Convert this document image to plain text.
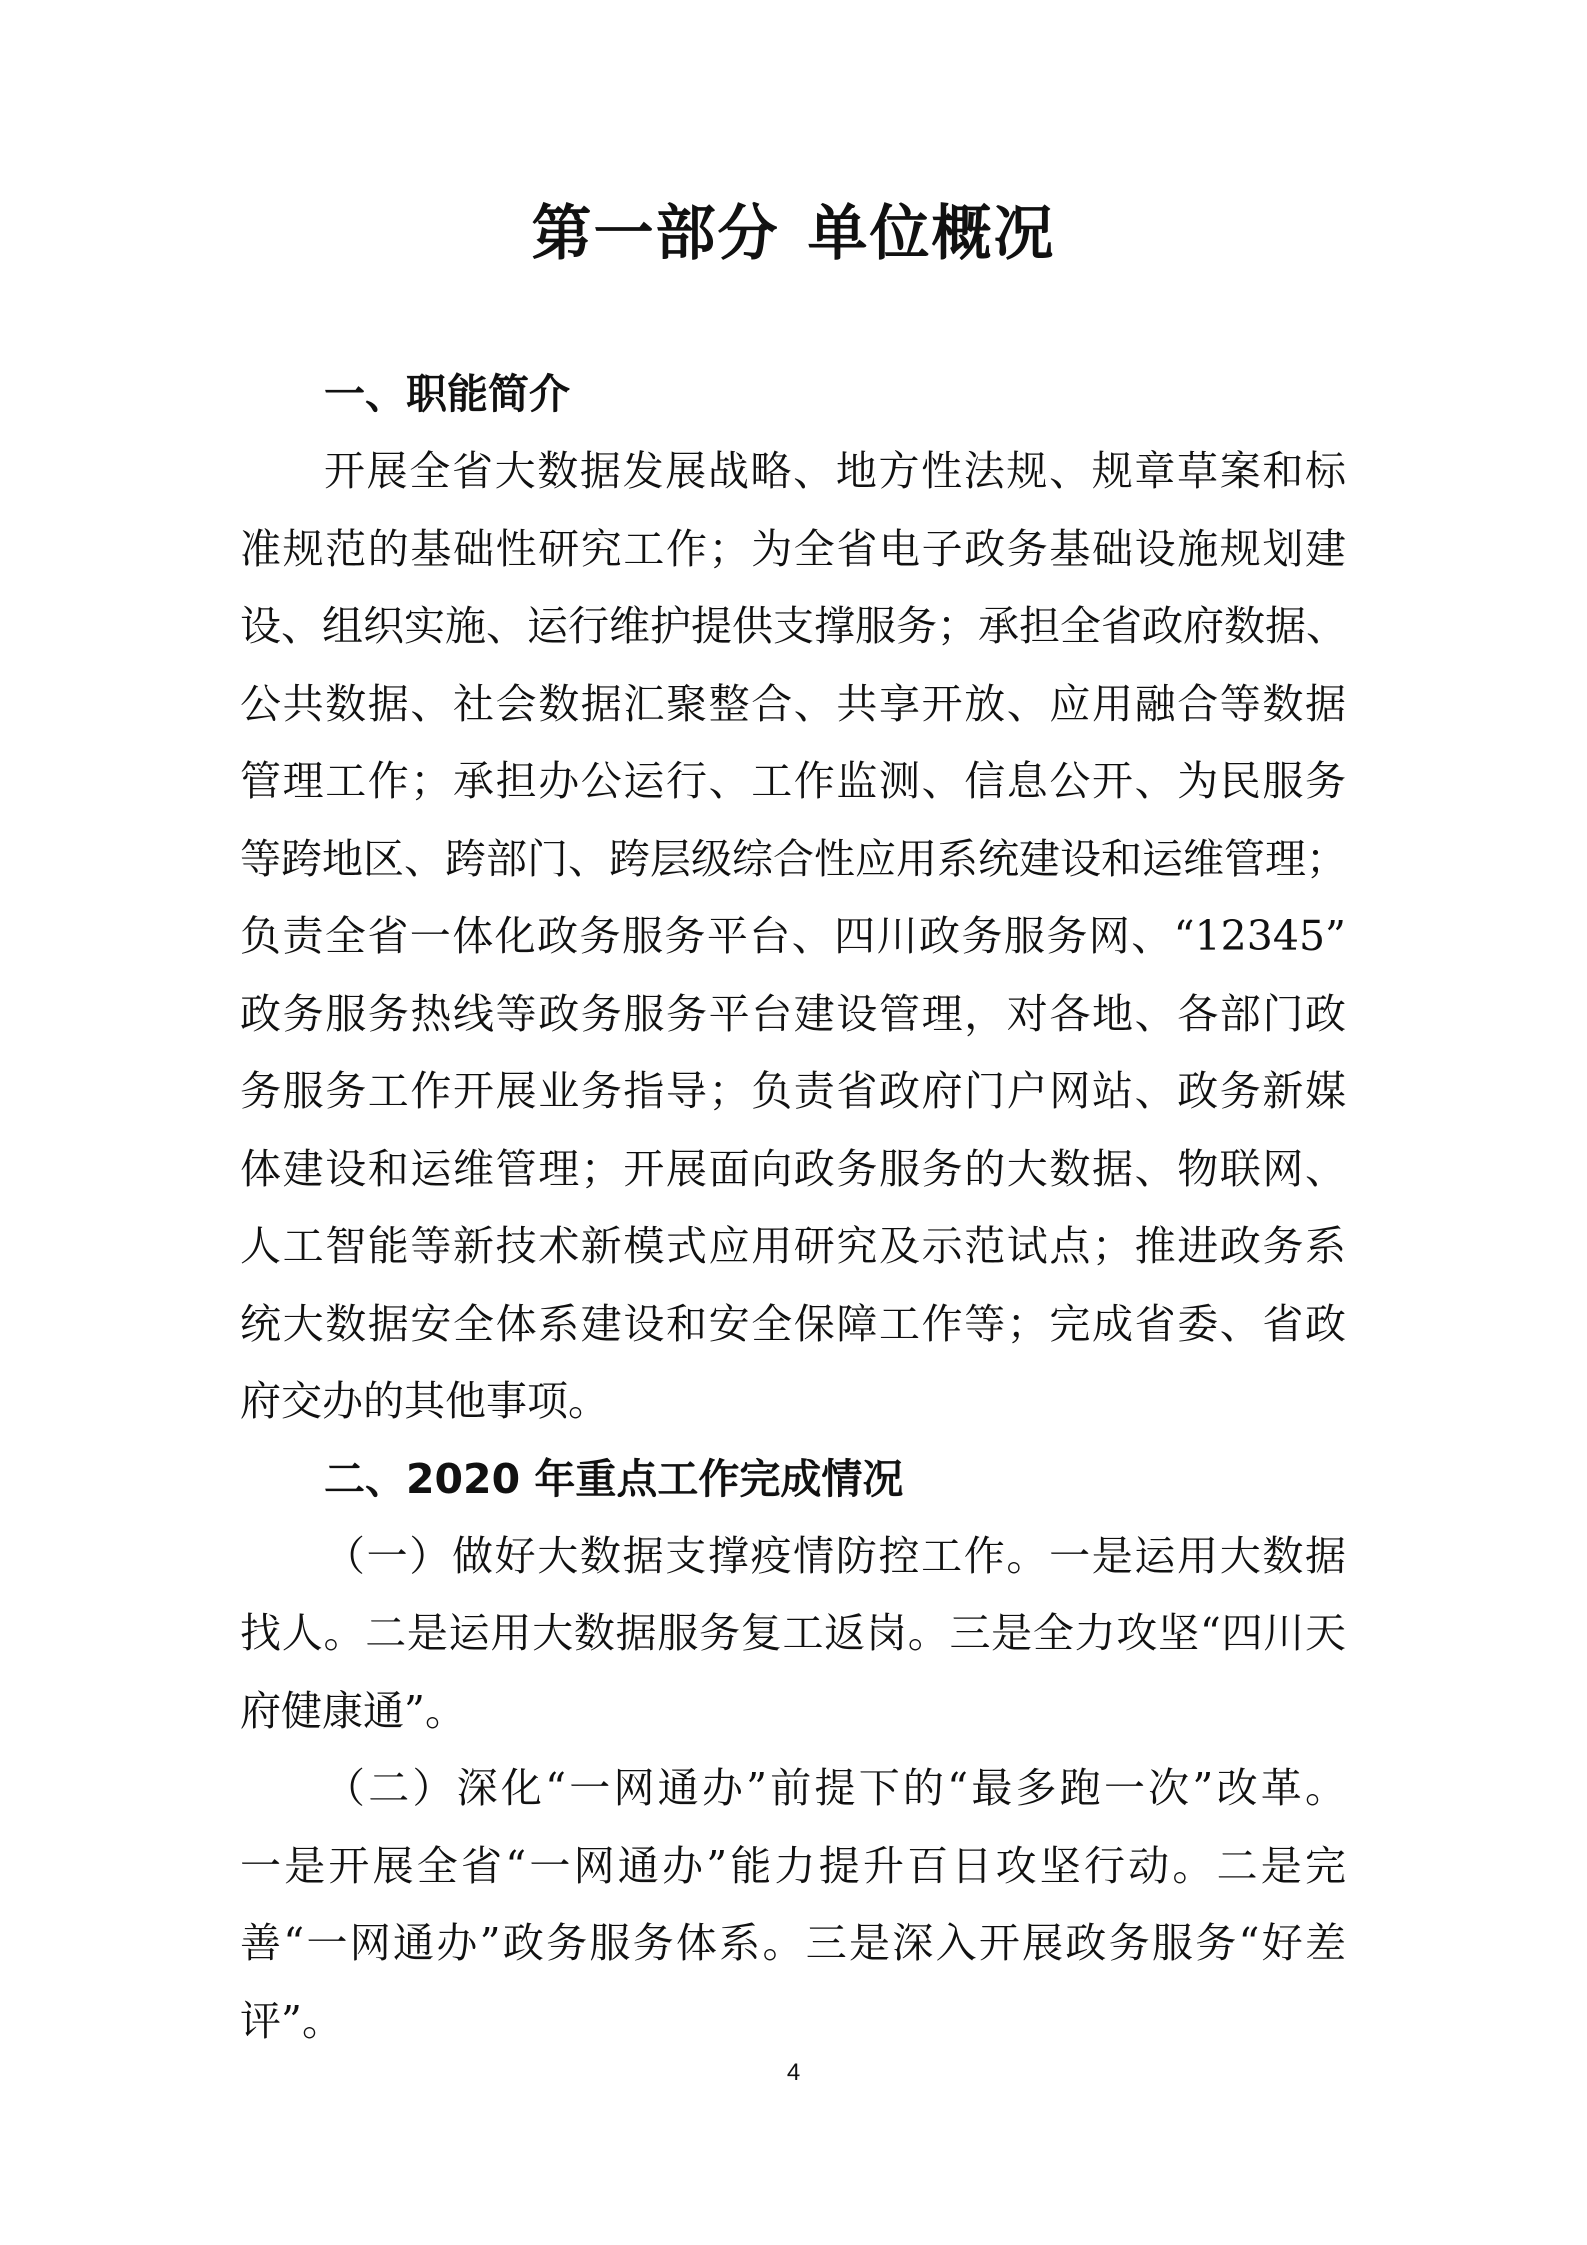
第一部分 单位概况
一、职能简介

开展全省大数据发展战略、地方性法规、规章草案和标
准规范的基础性研究工作；为全省电子政务基础设施规划建
设、组织实施、运行维护提供支撑服务；承担全省政府数据、
公共数据、社会数据汇聚整合、共享开放、应用融合等数据
管理工作；承担办公运行、工作监测、信息公开、为民服务
等跨地区、跨部门、跨层级综合性应用系统建设和运维管理；
负责全省一体化政务服务平台、四川政务服务网、“12345”
政务服务热线等政务服务平台建设管理，对各地、各部门政
务服务工作开展业务指导；负责省政府门户网站、政务新媒
体建设和运维管理；开展面向政务服务的大数据、物联网、
人工智能等新技术新模式应用研究及示范试点；推进政务系
统大数据安全体系建设和安全保障工作等；完成省委、省政
府交办的其他事项。

二、2020 年重点工作完成情况

（一）做好大数据支撑疫情防控工作。一是运用大数据
找人。二是运用大数据服务复工返岗。三是全力攻坚“四川天
府健康通”。

（二）深化“一网通办”前提下的“最多跑一次”改革。
一是开展全省“一网通办”能力提升百日攻坚行动。二是完
善“一网通办”政务服务体系。三是深入开展政务服务“好差
评”。

4
